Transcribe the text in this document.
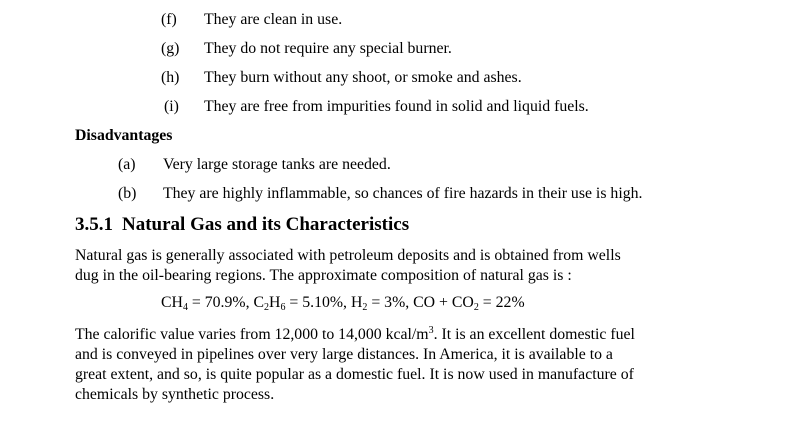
(f) They are clean in use.
(g) They do not require any special burner.
(h) They burn without any shoot, or smoke and ashes.
(i) They are free from impurities found in solid and liquid fuels.
Disadvantages
(a) Very large storage tanks are needed.
(b) They are highly inflammable, so chances of fire hazards in their use is high.
3.5.1 Natural Gas and its Characteristics
Natural gas is generally associated with petroleum deposits and is obtained from wells
dug in the oil-bearing regions. The approximate composition of natural gas is :
$CH_4 = 70.9\%$, $C_2H_6 = 5.10\%$, $H_2 = 3\%$, CO + $CO_2 = 22\%$
The calorific value varies from 12,000 to 14,000 kcal/$m^3$. It is an excellent domestic fuel
and is conveyed in pipelines over very large distances. In America, it is available to a
great extent, and so, is quite popular as a domestic fuel. It is now used in manufacture of
chemicals by synthetic process.
